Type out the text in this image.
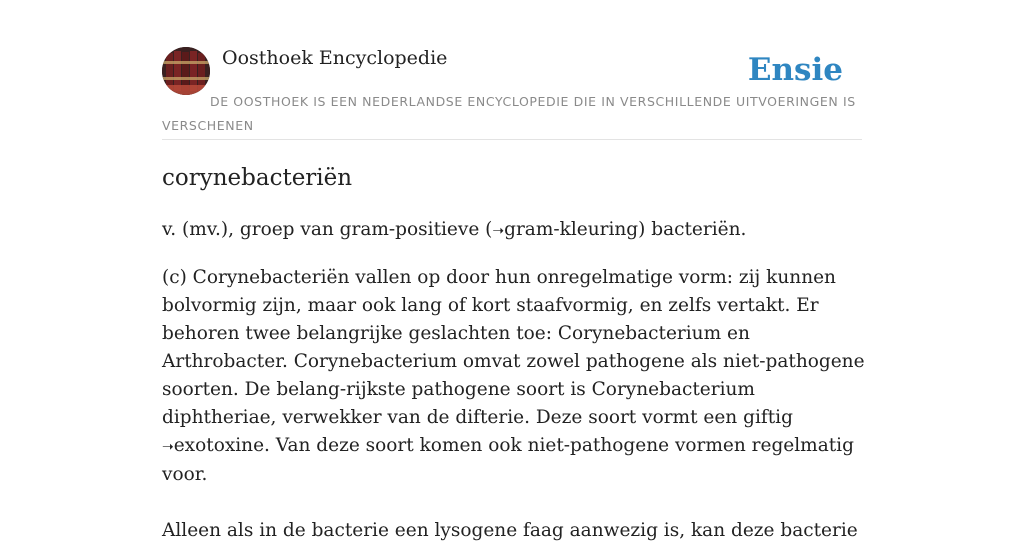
Oosthoek Encyclopedie	Ensie
DE OOSTHOEK IS EEN NEDERLANDSE ENCYCLOPEDIE DIE IN VERSCHILLENDE UITVOERINGEN IS VERSCHENEN
corynebacteriën

v. (mv.), groep van gram-positieve (➝gram-kleuring) bacteriën.

(c) Corynebacteriën vallen op door hun onregelmatige vorm: zij kunnen bolvormig zijn, maar ook lang of kort staafvormig, en zelfs vertakt. Er behoren twee belangrijke geslachten toe: Corynebacterium en Arthrobacter. Corynebacterium omvat zowel pathogene als niet-pathogene soorten. De belang-rijkste pathogene soort is Corynebacterium diphtheriae, verwekker van de difterie. Deze soort vormt een giftig ➝exotoxine. Van deze soort komen ook niet-pathogene vormen regelmatig voor.

Alleen als in de bacterie een lysogene faag aanwezig is, kan deze bacterie
